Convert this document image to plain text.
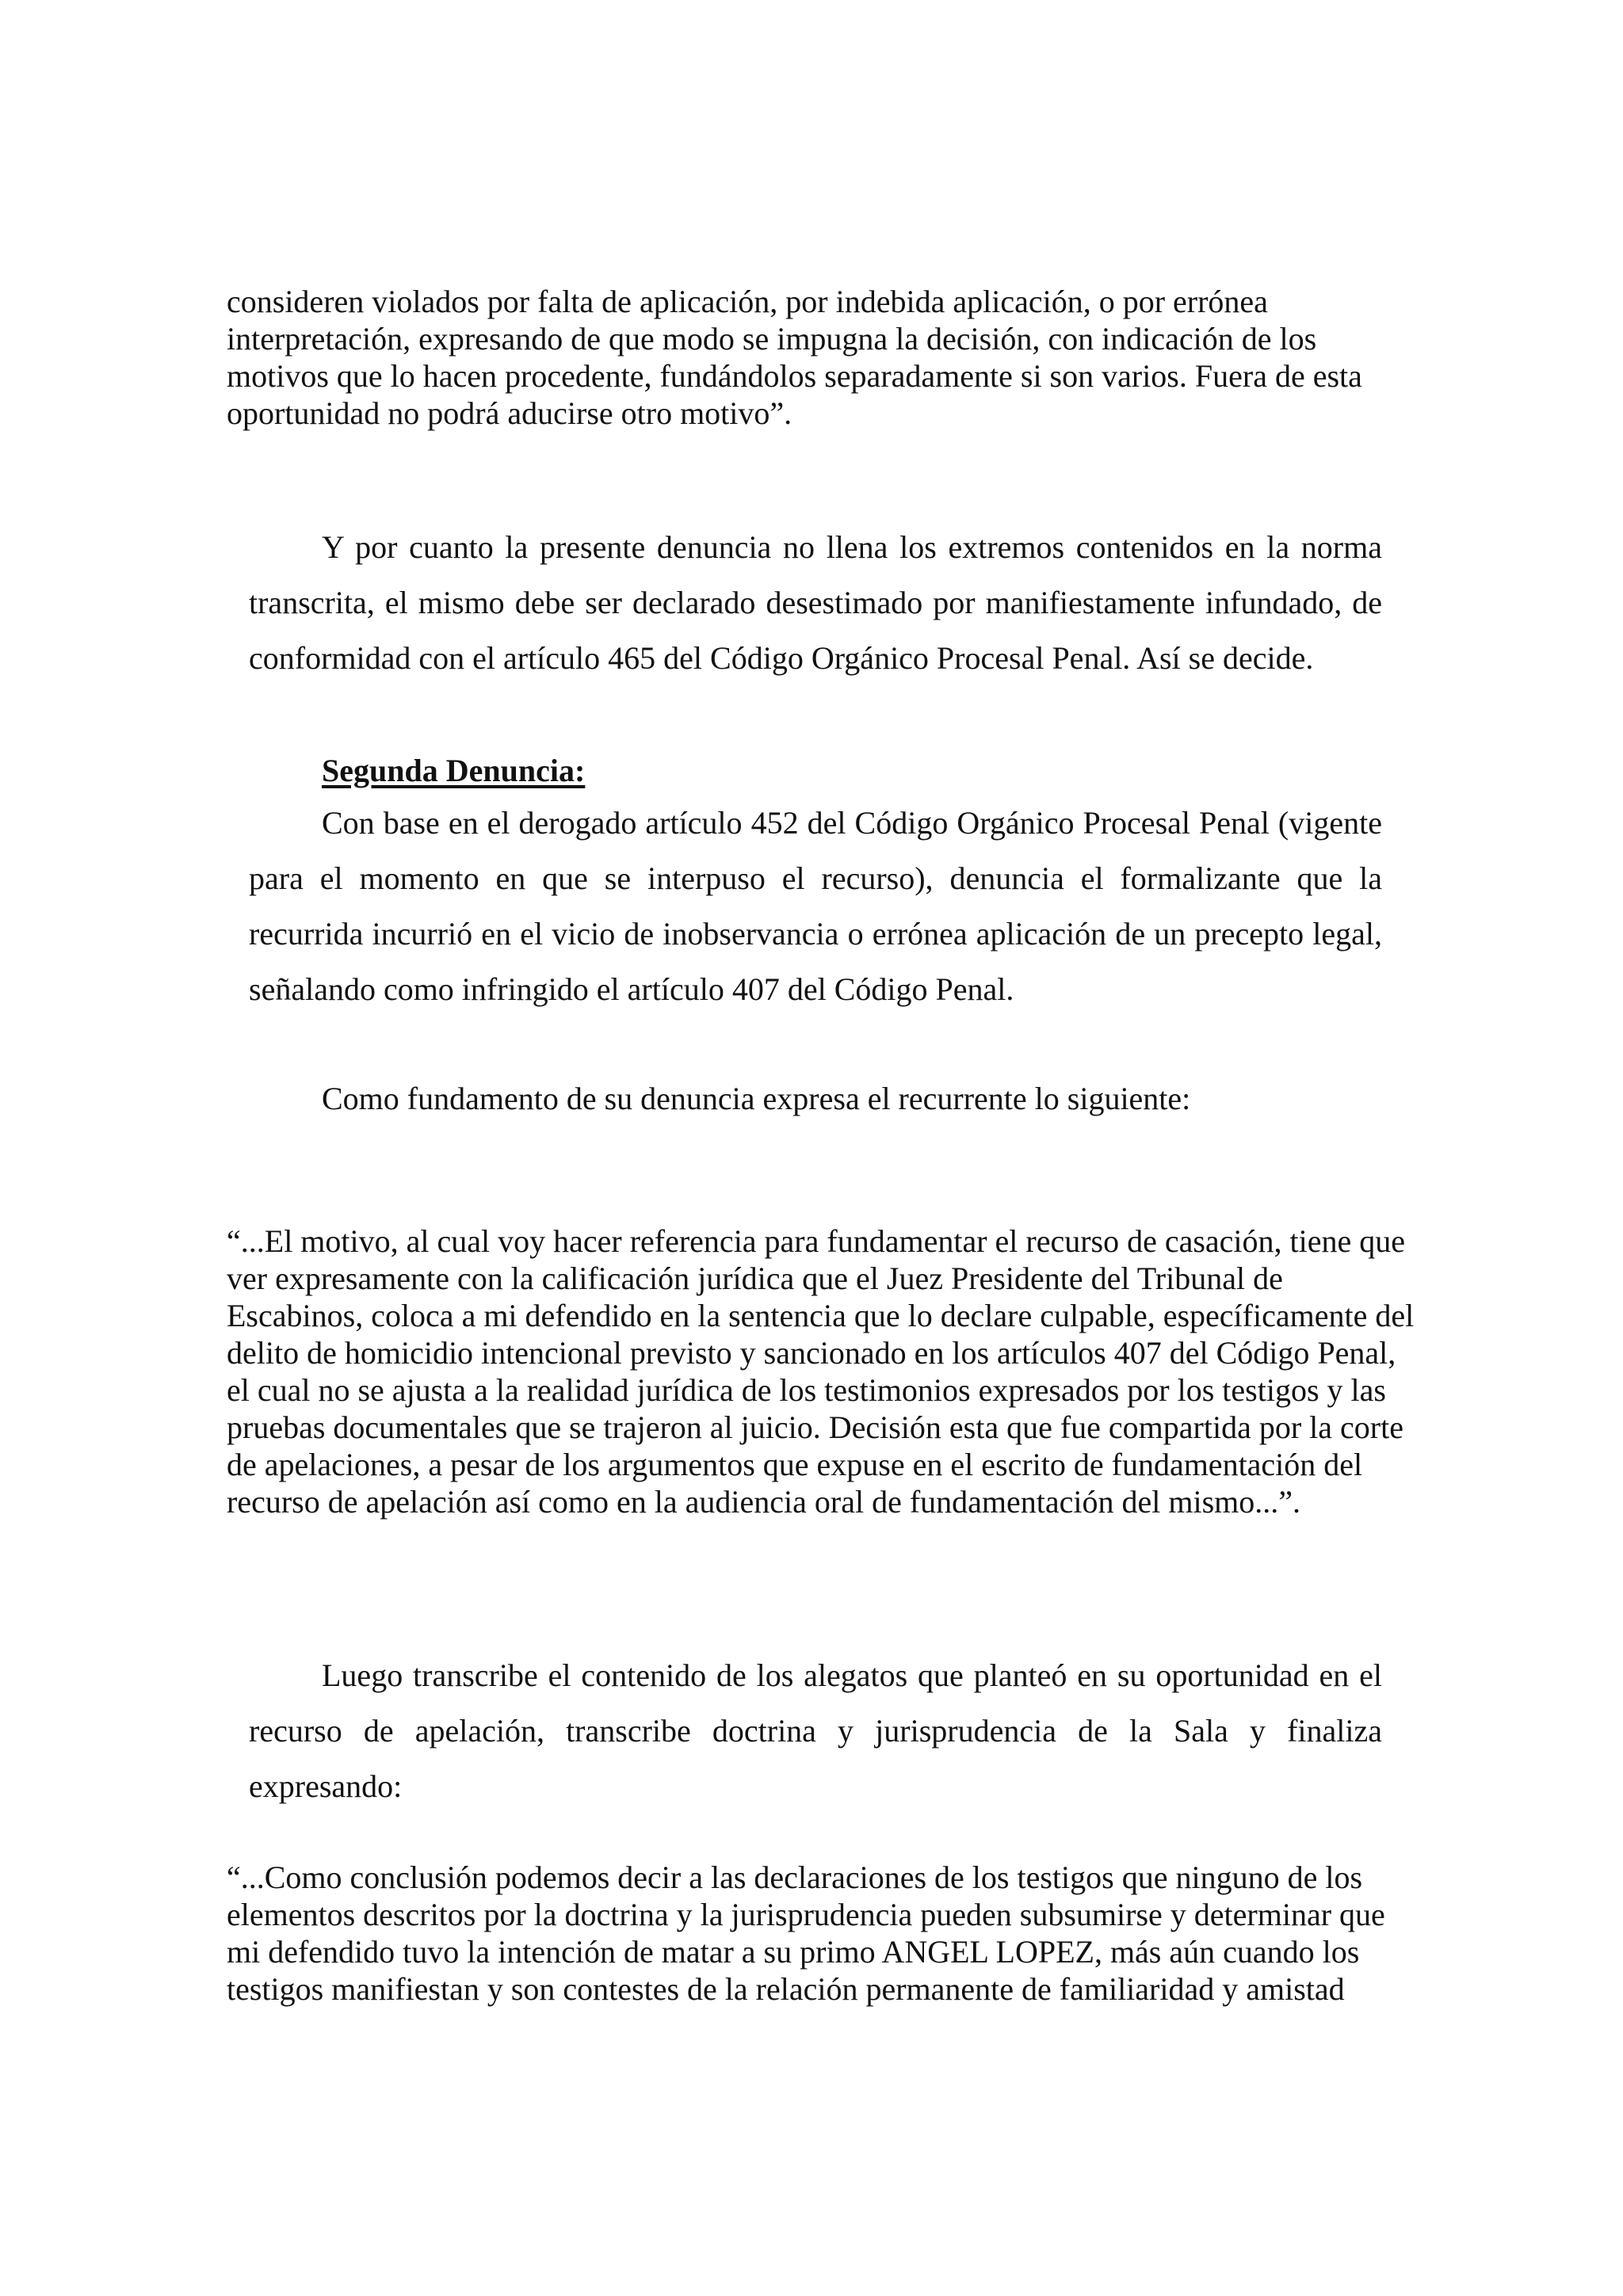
consideren violados por falta de aplicación, por indebida aplicación, o por errónea interpretación, expresando de que modo se impugna la decisión, con indicación de los motivos que lo hacen procedente, fundándolos separadamente si son varios. Fuera de esta oportunidad no podrá aducirse otro motivo”.

Y por cuanto la presente denuncia no llena los extremos contenidos en la norma transcrita, el mismo debe ser declarado desestimado por manifiestamente infundado, de conformidad con el artículo 465 del Código Orgánico Procesal Penal. Así se decide.

Segunda Denuncia:

Con base en el derogado artículo 452 del Código Orgánico Procesal Penal (vigente para el momento en que se interpuso el recurso), denuncia el formalizante que la recurrida incurrió en el vicio de inobservancia o errónea aplicación de un precepto legal, señalando como infringido el artículo 407 del Código Penal.

Como fundamento de su denuncia expresa el recurrente lo siguiente:

“...El motivo, al cual voy hacer referencia para fundamentar el recurso de casación, tiene que ver expresamente con la calificación jurídica que el Juez Presidente del Tribunal de Escabinos, coloca a mi defendido en la sentencia que lo declare culpable, específicamente del delito de homicidio intencional previsto y sancionado en los artículos 407 del Código Penal, el cual no se ajusta a la realidad jurídica de los testimonios expresados por los testigos y las pruebas documentales que se trajeron al juicio. Decisión esta que fue compartida por la corte de apelaciones, a pesar de los argumentos que expuse en el escrito de fundamentación del recurso de apelación así como en la audiencia oral de fundamentación del mismo...”.

Luego transcribe el contenido de los alegatos que planteó en su oportunidad en el recurso de apelación, transcribe doctrina y jurisprudencia de la Sala y finaliza expresando:

“...Como conclusión podemos decir a las declaraciones de los testigos que ninguno de los elementos descritos por la doctrina y la jurisprudencia pueden subsumirse y determinar que mi defendido tuvo la intención de matar a su primo ANGEL LOPEZ, más aún cuando los testigos manifiestan y son contestes de la relación permanente de familiaridad y amistad
